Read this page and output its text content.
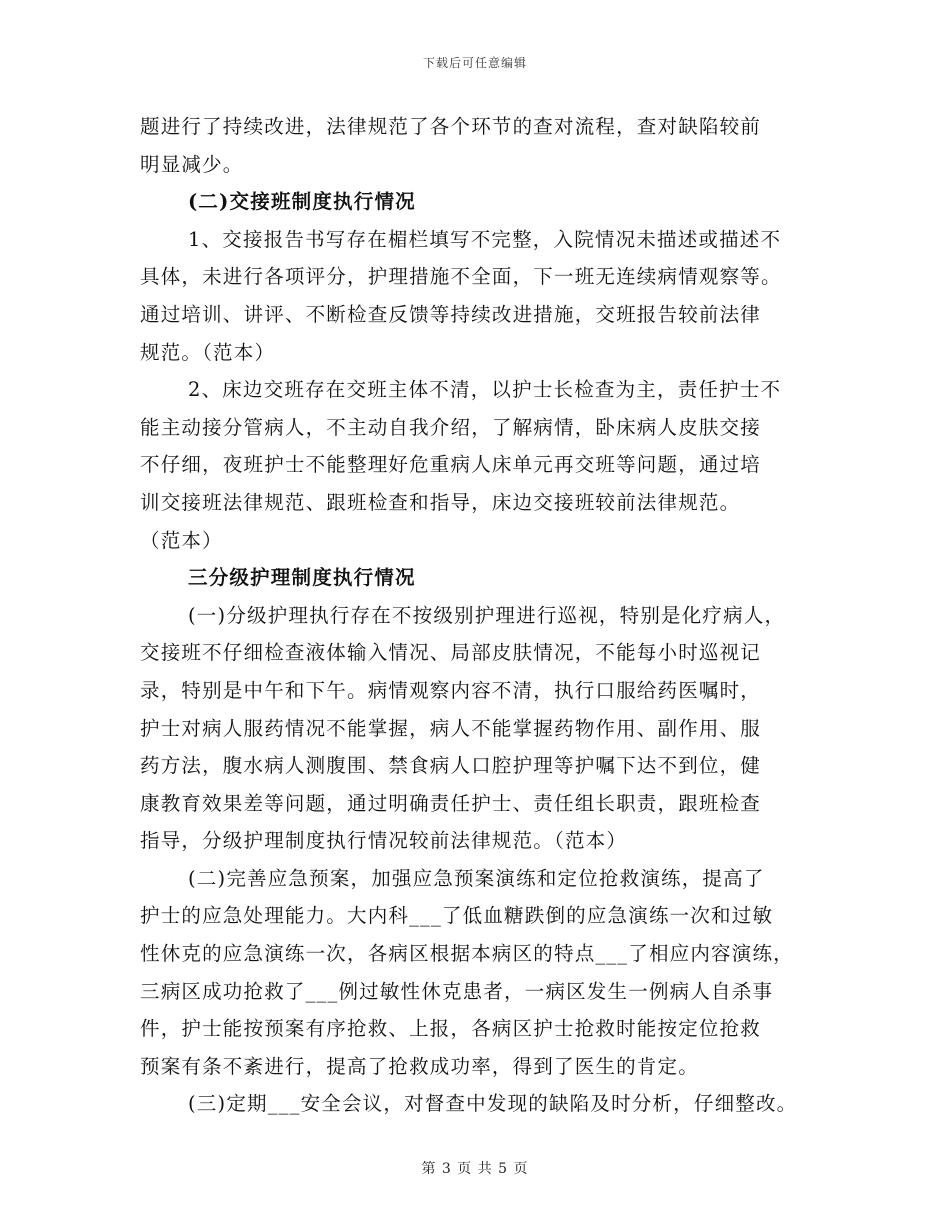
下载后可任意编辑
题进行了持续改进，法律规范了各个环节的查对流程，查对缺陷较前
明显减少。
(二)交接班制度执行情况
1、交接报告书写存在楣栏填写不完整，入院情况未描述或描述不
具体，未进行各项评分，护理措施不全面，下一班无连续病情观察等。
通过培训、讲评、不断检查反馈等持续改进措施，交班报告较前法律
规范。（范本）
2、床边交班存在交班主体不清，以护士长检查为主，责任护士不
能主动接分管病人，不主动自我介绍，了解病情，卧床病人皮肤交接
不仔细，夜班护士不能整理好危重病人床单元再交班等问题，通过培
训交接班法律规范、跟班检查和指导，床边交接班较前法律规范。
（范本）
三分级护理制度执行情况
(一)分级护理执行存在不按级别护理进行巡视，特别是化疗病人，
交接班不仔细检查液体输入情况、局部皮肤情况，不能每小时巡视记
录，特别是中午和下午。病情观察内容不清，执行口服给药医嘱时，
护士对病人服药情况不能掌握，病人不能掌握药物作用、副作用、服
药方法，腹水病人测腹围、禁食病人口腔护理等护嘱下达不到位，健
康教育效果差等问题，通过明确责任护士、责任组长职责，跟班检查
指导，分级护理制度执行情况较前法律规范。（范本）
(二)完善应急预案，加强应急预案演练和定位抢救演练，提高了
护士的应急处理能力。大内科___了低血糖跌倒的应急演练一次和过敏
性休克的应急演练一次，各病区根据本病区的特点___了相应内容演练，
三病区成功抢救了___例过敏性休克患者，一病区发生一例病人自杀事
件，护士能按预案有序抢救、上报，各病区护士抢救时能按定位抢救
预案有条不紊进行，提高了抢救成功率，得到了医生的肯定。
(三)定期___安全会议，对督查中发现的缺陷及时分析，仔细整改。
第 3 页 共 5 页
